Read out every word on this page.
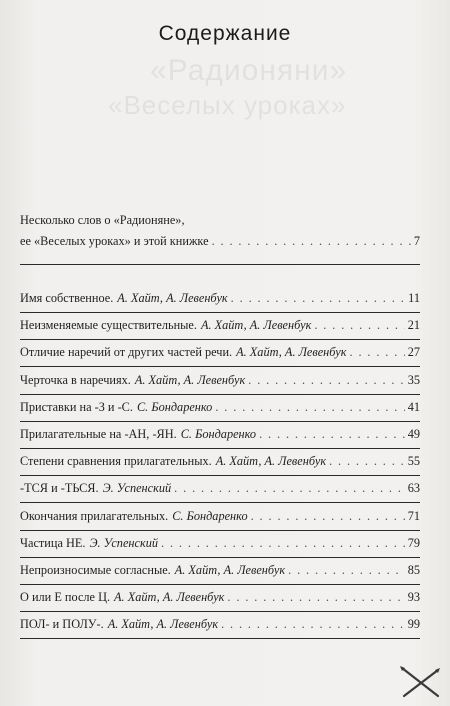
«Радионяни»
«Веселых уроках»
Содержание
Несколько слов о «Радионяне»,
ее «Веселых уроках» и этой книжке . . .	7
Имя собственное. А. Хайт, А. Левенбук . . .	11
Неизменяемые существительные. А. Хайт, А. Левенбук . . .	21
Отличие наречий от других частей речи. А. Хайт, А. Левенбук . . .	27
Черточка в наречиях. А. Хайт, А. Левенбук . . .	35
Приставки на -З и -С. С. Бондаренко . . .	41
Прилагательные на -АН, -ЯН. С. Бондаренко . . .	49
Степени сравнения прилагательных. А. Хайт, А. Левенбук . . .	55
-ТСЯ и -ТЬСЯ. Э. Успенский . . .	63
Окончания прилагательных. С. Бондаренко . . .	71
Частица НЕ. Э. Успенский . . .	79
Непроизносимые согласные. А. Хайт, А. Левенбук . . .	85
О или Е после Ц. А. Хайт, А. Левенбук . . .	93
ПОЛ- и ПОЛУ-. А. Хайт, А. Левенбук . . .	99
